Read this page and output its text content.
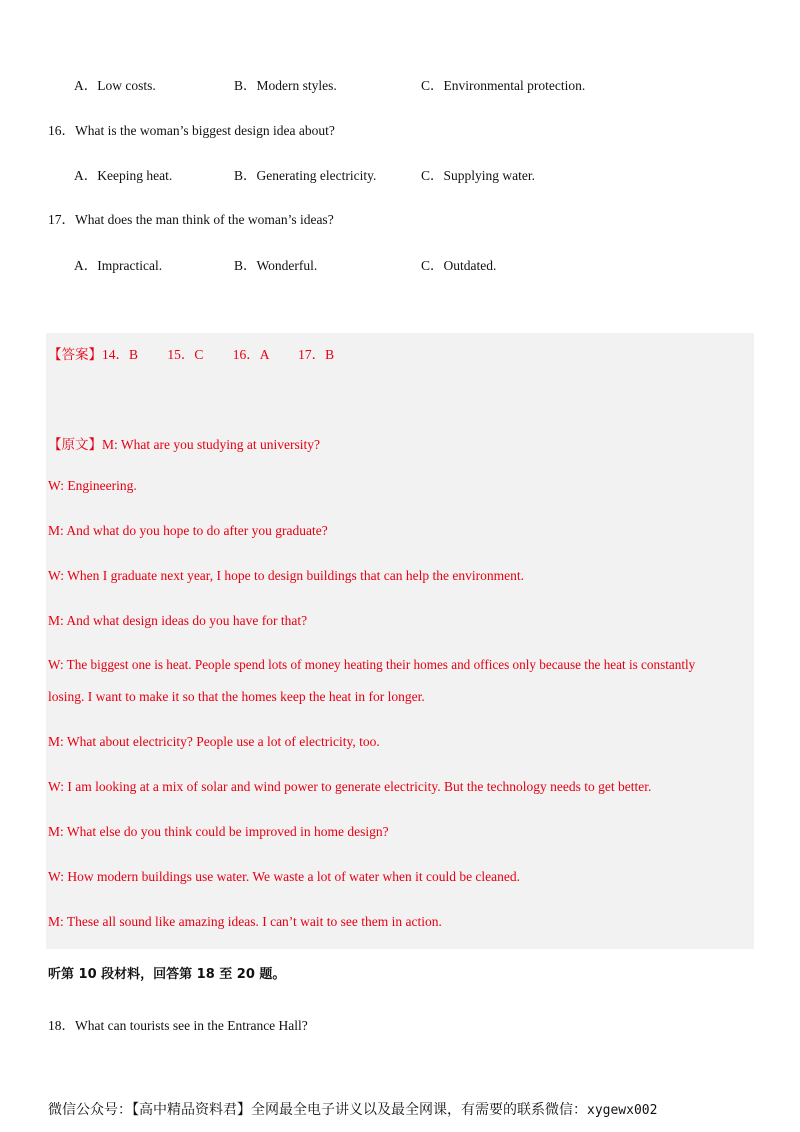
A．Low costs.	B．Modern styles.	C．Environmental protection.
16．What is the woman’s biggest design idea about?
A．Keeping heat.	B．Generating electricity.	C．Supplying water.
17．What does the man think of the woman’s ideas?
A．Impractical.	B．Wonderful.	C．Outdated.
【答案】14．B 15．C 16．A 17．B
【原文】M: What are you studying at university?
W: Engineering.
M: And what do you hope to do after you graduate?
W: When I graduate next year, I hope to design buildings that can help the environment.
M: And what design ideas do you have for that?
W: The biggest one is heat. People spend lots of money heating their homes and offices only because the heat is constantly
losing. I want to make it so that the homes keep the heat in for longer.
M: What about electricity? People use a lot of electricity, too.
W: I am looking at a mix of solar and wind power to generate electricity. But the technology needs to get better.
M: What else do you think could be improved in home design?
W: How modern buildings use water. We waste a lot of water when it could be cleaned.
M: These all sound like amazing ideas. I can’t wait to see them in action.
听第 10 段材料，回答第 18 至 20 题。
18．What can tourists see in the Entrance Hall?
微信公众号：【高中精品资料君】全网最全电子讲义以及最全网课，有需要的联系微信：xygewx002
